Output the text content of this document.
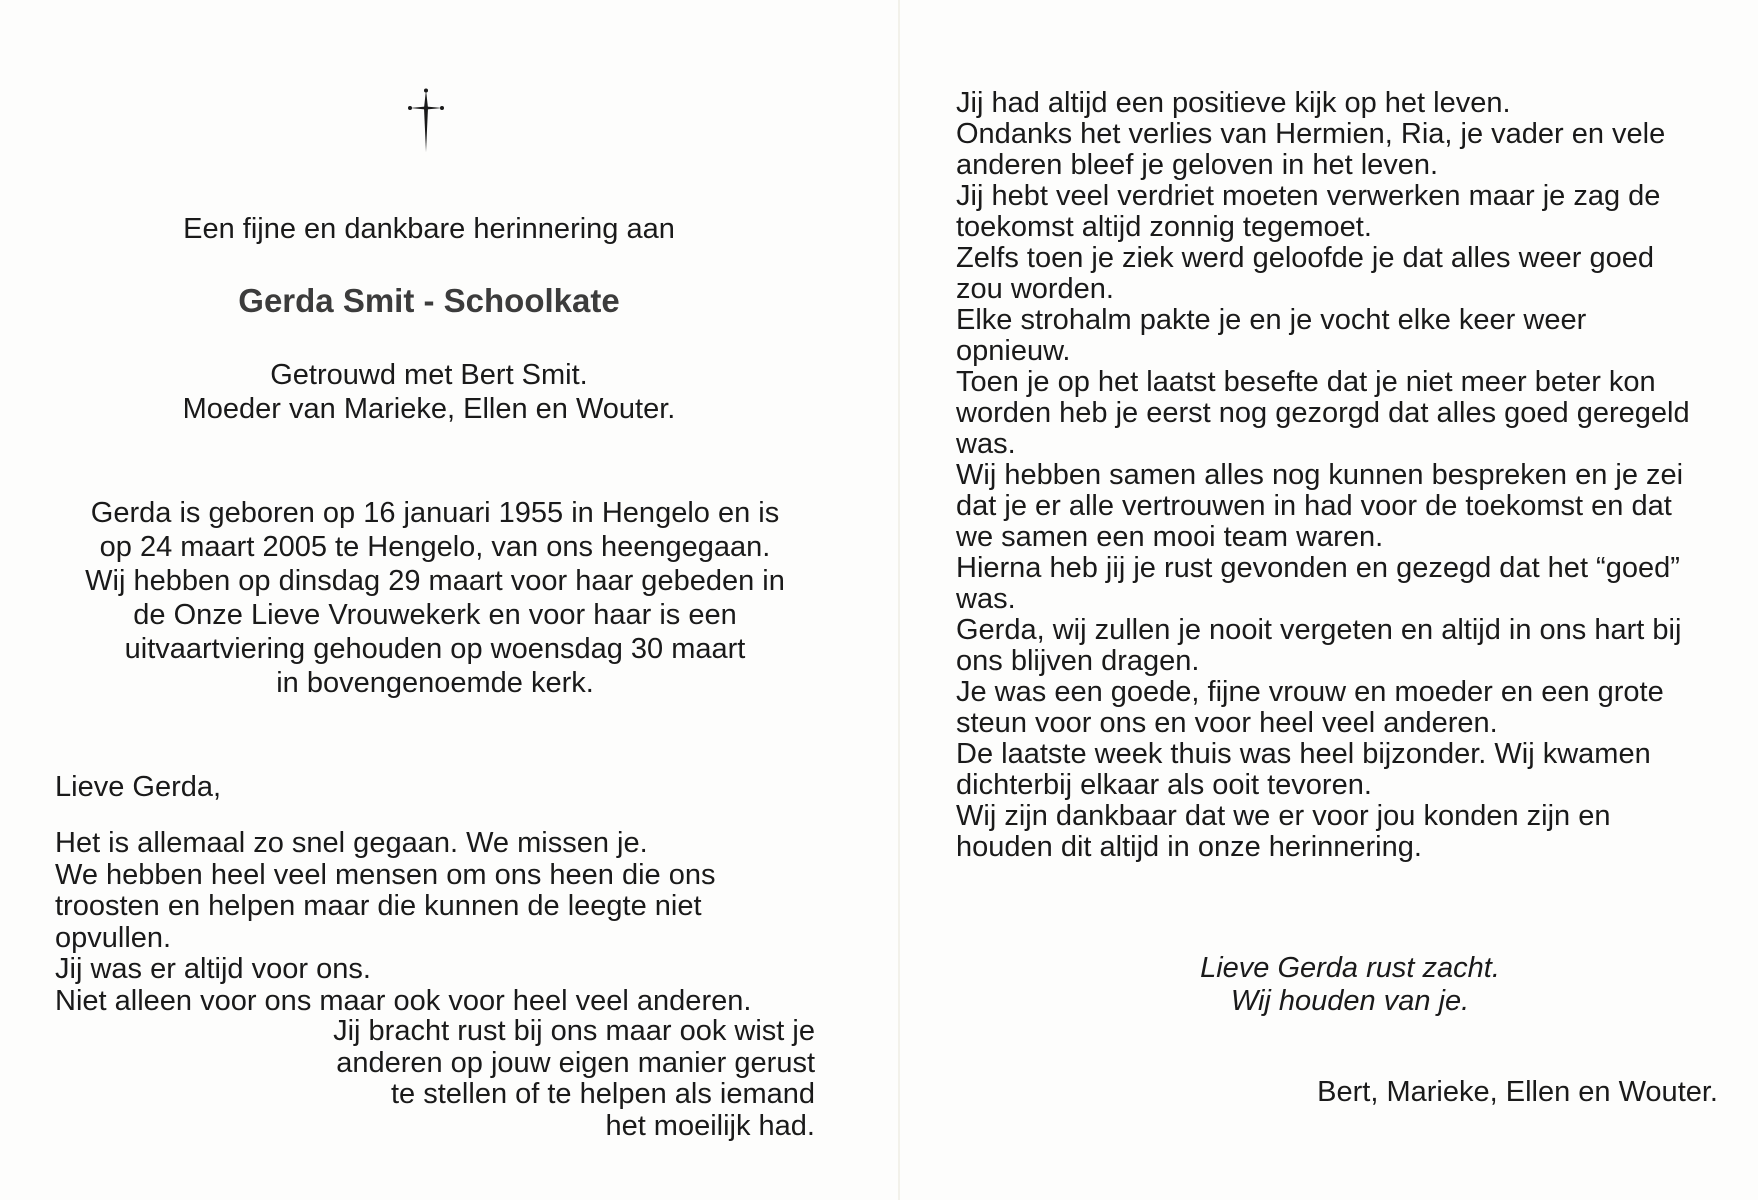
Een fijne en dankbare herinnering aan
Gerda Smit - Schoolkate
Getrouwd met Bert Smit.
Moeder van Marieke, Ellen en Wouter.
Gerda is geboren op 16 januari 1955 in Hengelo en is
op 24 maart 2005 te Hengelo, van ons heengegaan.
Wij hebben op dinsdag 29 maart voor haar gebeden in
de Onze Lieve Vrouwekerk en voor haar is een
uitvaartviering gehouden op woensdag 30 maart
in bovengenoemde kerk.
Lieve Gerda,
Het is allemaal zo snel gegaan. We missen je.
We hebben heel veel mensen om ons heen die ons
troosten en helpen maar die kunnen de leegte niet
opvullen.
Jij was er altijd voor ons.
Niet alleen voor ons maar ook voor heel veel anderen.
Jij bracht rust bij ons maar ook wist je
anderen op jouw eigen manier gerust
te stellen of te helpen als iemand
het moeilijk had.
Jij had altijd een positieve kijk op het leven.
Ondanks het verlies van Hermien, Ria, je vader en vele
anderen bleef je geloven in het leven.
Jij hebt veel verdriet moeten verwerken maar je zag de
toekomst altijd zonnig tegemoet.
Zelfs toen je ziek werd geloofde je dat alles weer goed
zou worden.
Elke strohalm pakte je en je vocht elke keer weer
opnieuw.
Toen je op het laatst besefte dat je niet meer beter kon
worden heb je eerst nog gezorgd dat alles goed geregeld
was.
Wij hebben samen alles nog kunnen bespreken en je zei
dat je er alle vertrouwen in had voor de toekomst en dat
we samen een mooi team waren.
Hierna heb jij je rust gevonden en gezegd dat het “goed”
was.
Gerda, wij zullen je nooit vergeten en altijd in ons hart bij
ons blijven dragen.
Je was een goede, fijne vrouw en moeder en een grote
steun voor ons en voor heel veel anderen.
De laatste week thuis was heel bijzonder. Wij kwamen
dichterbij elkaar als ooit tevoren.
Wij zijn dankbaar dat we er voor jou konden zijn en
houden dit altijd in onze herinnering.
Lieve Gerda rust zacht.
Wij houden van je.
Bert, Marieke, Ellen en Wouter.
